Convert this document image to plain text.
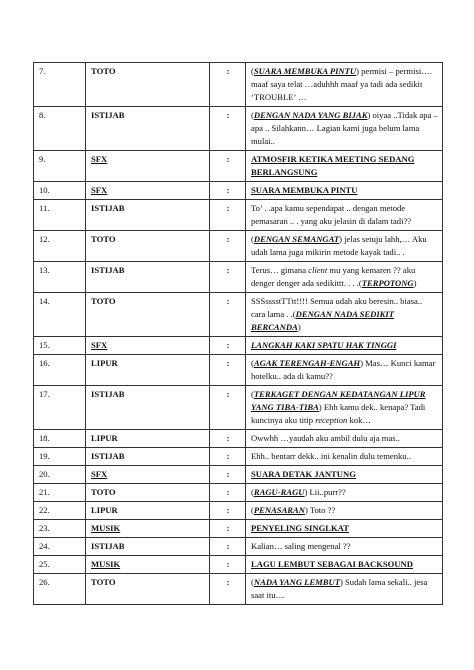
7.	TOTO	:	(SUARA MEMBUKA PINTU) permisi – permisi…. maaf saya telat …aduhhh maaf ya tadi ada sedikit ‘TROUBLE’ …
8.	ISTIJAB	:	(DENGAN NADA YANG BIJAK) oiyaa ..Tidak apa – apa .. Silahkann… Lagian kami juga belum lama mulai..
9.	SFX	:	ATMOSFIR KETIKA MEETING SEDANG BERLANGSUNG
10.	SFX	:	SUARA MEMBUKA PINTU
11.	ISTIJAB	:	To’ . .apa kamu sependapat .. dengan metode pemasaran .. . yang aku jelasin di dalam tadi??
12.	TOTO	:	(DENGAN SEMANGAT) jelas setuju lahh,… Aku udah lama juga mikirin metode kayak tadi.. .
13.	ISTIJAB	:	Terus… gimana client mu yang kemaren ?? aku denger denger ada sedikittt. . . .(TERPOTONG)
14.	TOTO	:	SSSsssstTTtt!!!! Semua udah aku beresin.. biasa.. cara lama . .(DENGAN NADA SEDIKIT BERCANDA)
15.	SFX	:	LANGKAH KAKI SPATU HAK TINGGI
16.	LIPUR	:	(AGAK TERENGAH-ENGAH) Mas… Kunci kamar hotelku.. ada di kamu??
17.	ISTIJAB	:	(TERKAGET DENGAN KEDATANGAN LIPUR YANG TIBA-TIBA) Ehh kamu dek.. kenapa? Tadi kuncinya aku titip reception kok…
18.	LIPUR	:	Owwhh …yaudah aku ambil dulu aja mas..
19.	ISTIJAB	:	Ehh.. bentarr dekk.. ini kenalin dulu temenku..
20.	SFX	:	SUARA DETAK JANTUNG
21.	TOTO	:	(RAGU-RAGU) Lii..purr??
22.	LIPUR	:	(PENASARAN) Toto ??
23.	MUSIK	:	PENYELING SINGLKAT
24.	ISTIJAB	:	Kalian… saling mengenal ??
25.	MUSIK	:	LAGU LEMBUT SEBAGAI BACKSOUND
26.	TOTO	:	(NADA YANG LEMBUT) Sudah lama sekali.. jesa saat itu…
